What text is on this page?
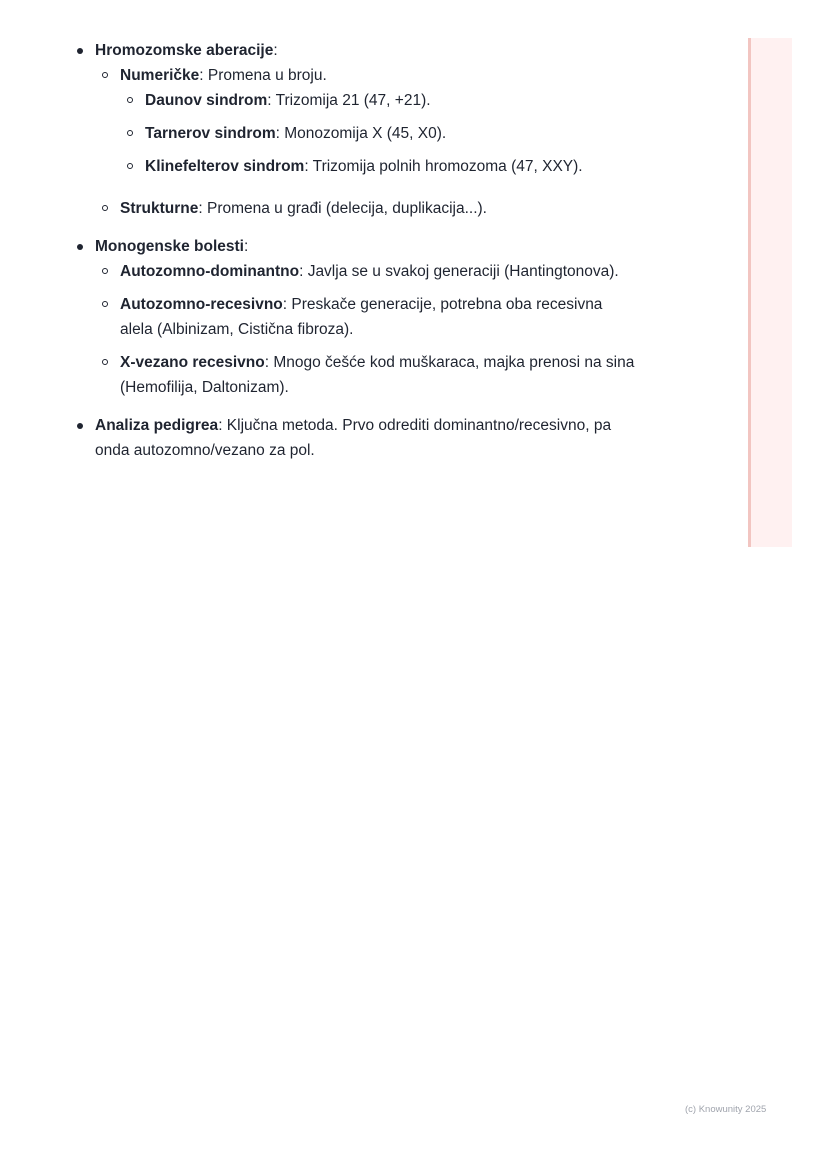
Hromozomske aberacije:
Numeričke: Promena u broju.
Daunov sindrom: Trizomija 21 (47, +21).
Tarnerov sindrom: Monozomija X (45, X0).
Klinefelterov sindrom: Trizomija polnih hromozoma (47, XXY).
Strukturne: Promena u građi (delecija, duplikacija...).
Monogenske bolesti:
Autozomno-dominantno: Javlja se u svakoj generaciji (Hantingtonova).
Autozomno-recesivno: Preskače generacije, potrebna oba recesivna alela (Albinizam, Cistična fibroza).
X-vezano recesivno: Mnogo češće kod muškaraca, majka prenosi na sina (Hemofilija, Daltonizam).
Analiza pedigrea: Ključna metoda. Prvo odrediti dominantno/recesivno, pa onda autozomno/vezano za pol.
(c) Knowunity 2025
